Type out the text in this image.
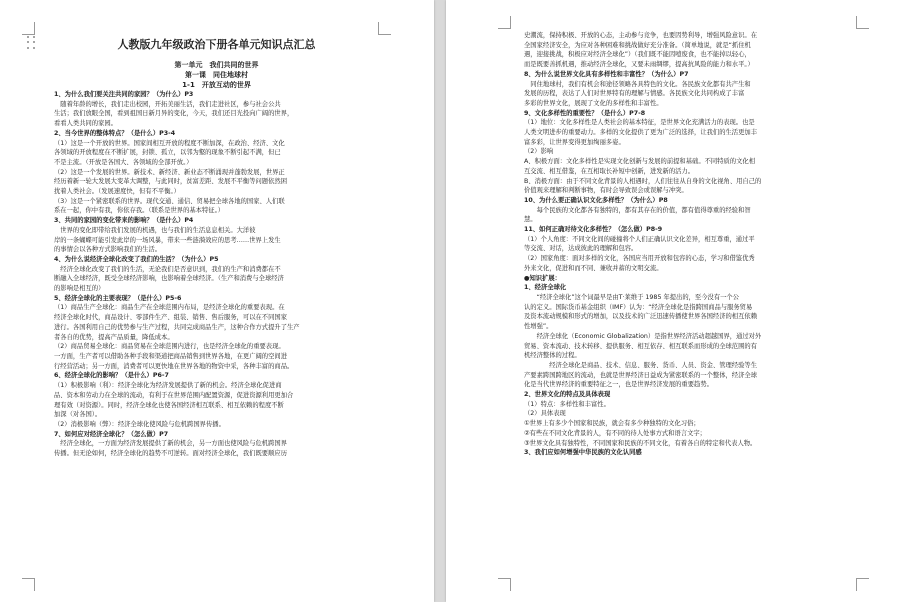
人教版九年级政治下册各单元知识点汇总
第一单元　我们共同的世界
第一课　同住地球村
1-1　开放互动的世界
1、为什么我们要关注共同的家园？（为什么）P3
　随着年龄的增长，我们走出校园，开拓美丽生活，我们走进社区，参与社会公共
生活；我们放眼全国，看到祖国日新月异的变化，今天，我们还目光投向广阔的世界，
看看人类共同的家园。
2、当今世界的整体特点？（是什么）P3-4
（1）这是一个开放的世界。国家间相互开放的程度不断加深，在政治、经济、文化
各领域的开放程度在不断扩展，封锁、孤立，以邻为壑的现象不断引起不满，但已
不是主流。（开放是各国大、各领域的全部开放。）
（2）这是一个发展的世界。新技术、新经济、新业态不断涌现并蓬勃发展，世界正
经历着新一轮大发展大变革大调整，与此同时，贫富差距、发展不平衡等问题依然困
扰着人类社会。（发展速度快，但有不平衡。）
（3）这是一个紧密联系的世界。现代交通、通信、贸易把全球各地的国家、人们联
系在一起，你中有我，你依存我。（联系是世界的基本特征。）
3、共同的家园的变化带来的影响？（是什么）P4
　世界的变化即带给我们发展的机遇，也与我们的生活息息相关。大洋彼
岸的一条蝴蝶可能引发此岸的一场风暴，带来一些涟漪效应的思考……世界上发生
的事情会以各种方式影响我们的生活。
4、为什么说经济全球化改变了我们的生活？（为什么）P5
　经济全球化改变了我们的生活，无论我们是否意识到，我们的生产和消费都在不
断融入全球经济，既受全球经济影响，也影响着全球经济。（生产和消费与全球经济
的影响是相互的）
5、经济全球化的主要表现？（是什么）P5-6
（1）商品生产全球化：商品生产在全球范围内布局，是经济全球化的重要表现。在
经济全球化时代，商品设计、零部件生产、组装、销售、售后服务，可以在不同国家
进行。各国利用自己的优势参与生产过程，共同完成商品生产，这种合作方式提升了生产
者各自的优势，提高产品质量，降低成本。
（2）商品贸易全球化：商品贸易在全球范围内进行，也是经济全球化的重要表现。
一方面，生产者可以借助各种手段和渠道把商品销售到世界各地，在更广阔的空间进
行经营活动；另一方面，消费者可以更快地在世界各地的物资中采，各种丰富的商品。
6、经济全球化的影响？（是什么）P6-7
（1）积极影响（利）：经济全球化为经济发展提供了新的机会。经济全球化促进商
品、资本和劳动力在全球的流动，有利于在世界范围内配置资源，促进资源利用更加合
理有效（对资源）。同时，经济全球化也使各国经济相互联系、相互依赖的程度不断
加深（对各国）。
（2）消极影响（弊）：经济全球化使风险与危机跨国界传播。
7、如何应对经济全球化？（怎么做）P7
　经济全球化，一方面为经济发展提供了新的机会，另一方面也使风险与危机跨国界
传播。但无论如何，经济全球化的趋势不可逆转。面对经济全球化，我们既要顺应历
史潮流，保持积极、开放的心态，主动参与竞争，也要因势利导，增强风险意识。在
全国家经济安全，为应对各种困难和挑战做好充分准备。（简单地说，就是“抓住机
遇，迎接挑战，积极应对经济全球化”）（我们既不能因噎废食，也不能掉以轻心，
而是既要善抓机遇，推动经济全球化，又要未雨绸缪，提高抗风险的能力和水平。）
8、为什么说世界文化具有多样性和丰富性？（为什么）P7
　同住地球村，我们有机会和途径领略各具特色的文化。各民族文化都有共产生和
发展的历程，表达了人们对世界特有的理解与情感。各民族文化共同构成了丰富
多彩的世界文化，展现了文化的多样性和丰富性。
9、文化多样性的重要性？（是什么）P7-8
（1）地位：文化多样性是人类社会的基本特征，是世界文化充满活力的表现。也是
人类文明进步的重要动力。多样的文化提供了更为广泛的选择，让我们的生活更加丰
富多彩，让世界变得更加绚丽多姿。
（2）影响
A、积极方面：文化多样性是实现文化创新与发展的前提和基础。不同特质的文化相
互交流、相互借鉴，在互相取长补短中创新，进发新的活力。
B、消极方面：由于不同文化背景的人相遇时，人们往往从自身的文化视角、用自己的
价值观来理解和判断事物，有时会导致误会或误解与冲突。
10、为什么要正确认识文化多样性？（为什么）P8
　　每个民族的文化都各有独特的，都有其存在的价值，都有值得尊重的经验和智
慧。
11、如何正确对待文化多样性？（怎么做）P8-9
（1）个人角度：不同文化间的碰撞将个人们正确认识文化差异，相互尊重，通过平
等交流、对话，达成彼此的理解和包容。
（2）国家角度：面对多样的文化，各国应当用开放和包容的心态，学习和借鉴优秀
外来文化，促进和而不同、兼收并蓄的文明交流。
●知识扩展：
1、经济全球化
　　“经济全球化”这个词最早是由T·莱维于 1985 年提出的，至今没有一个公
认的定义。国际货币基金组织（IMF）认为：“经济全球化是指跨国商品与服务贸易
及资本流动规模和形式的增加，以及技术的广泛迅速传播使世界各国经济的相互依赖
性增强”。
　　经济全球化（Economic Globalization）是指世界经济活动超越国界，通过对外
贸易、资本流动、技术转移、提供服务、相互依存、相互联系而形成的全球范围的有
机经济整体的过程。
　　　　经济全球化是商品、技术、信息、服务、货币、人员、资金、管理经验等生
产要素跨国跨地区的流动，也就是世界经济日益成为紧密联系的一个整体，经济全球
化是当代世界经济的重要特征之一，也是世界经济发展的重要趋势。
2、世界文化的特点及具体表现
（1）特点：多样性和丰富性。
（2）具体表现
①世界上有多少个国家和民族，就会有多少种独特的文化习俗；
②有些在不同文化背景的人，有不同的待人处事方式和语言文字；
③世界文化具有独特性，不同国家和民族的不同文化，有着各自的特定和代表人物。
3、我们应如何增强中华民族的文化认同感
